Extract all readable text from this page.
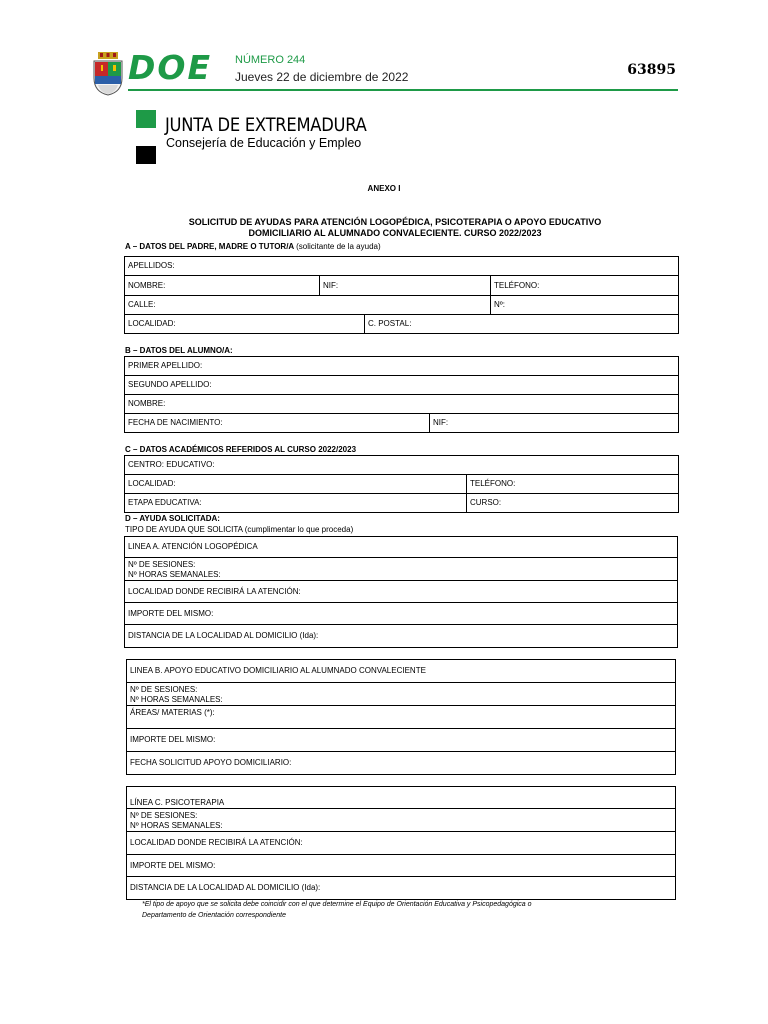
DOE NÚMERO 244
Jueves 22 de diciembre de 2022	63895
JUNTA DE EXTREMADURA
Consejería de Educación y Empleo
ANEXO I
SOLICITUD DE AYUDAS PARA ATENCIÓN LOGOPÉDICA, PSICOTERAPIA O APOYO EDUCATIVO
DOMICILIARIO AL ALUMNADO CONVALECIENTE. CURSO 2022/2023
A – DATOS DEL PADRE, MADRE O TUTOR/A (solicitante de la ayuda)
APELLIDOS:			
NOMBRE:	NIF:		TELÉFONO:
CALLE:			Nº:
LOCALIDAD:		C. POSTAL:	
B – DATOS DEL ALUMNO/A:
PRIMER APELLIDO:
SEGUNDO APELLIDO:
NOMBRE:
FECHA DE NACIMIENTO:	NIF:
C – DATOS ACADÉMICOS REFERIDOS AL CURSO 2022/2023
CENTRO: EDUCATIVO:	
LOCALIDAD:	TELÉFONO:
ETAPA EDUCATIVA:	CURSO:
D – AYUDA SOLICITADA:
TIPO DE AYUDA QUE SOLICITA (cumplimentar lo que proceda)
LINEA A. ATENCIÓN LOGOPÉDICA

Nº DE SESIONES:
Nº HORAS SEMANALES:

LOCALIDAD DONDE RECIBIRÁ LA ATENCIÓN:
IMPORTE DEL MISMO:
DISTANCIA DE LA LOCALIDAD AL DOMICILIO (Ida):
LINEA B. APOYO EDUCATIVO DOMICILIARIO AL ALUMNADO CONVALECIENTE

Nº DE SESIONES:
Nº HORAS SEMANALES:

ÁREAS/ MATERIAS (*):
IMPORTE DEL MISMO:
FECHA SOLICITUD APOYO DOMICILIARIO:
LÍNEA C. PSICOTERAPIA

Nº DE SESIONES:
Nº HORAS SEMANALES:

LOCALIDAD DONDE RECIBIRÁ LA ATENCIÓN:
IMPORTE DEL MISMO:
DISTANCIA DE LA LOCALIDAD AL DOMICILIO (Ida):
*El tipo de apoyo que se solicita debe coincidir con el que determine el Equipo de Orientación Educativa y Psicopedagógica o
Departamento de Orientación correspondiente
